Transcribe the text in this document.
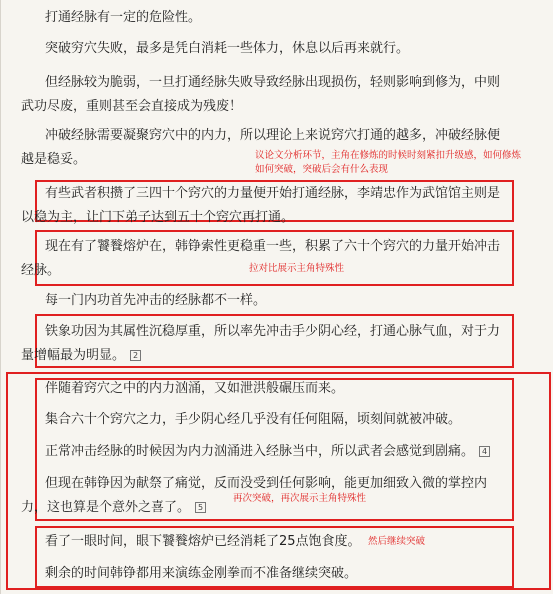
打通经脉有一定的危险性。

突破穷穴失败，最多是凭白消耗一些体力，休息以后再来就行。

但经脉较为脆弱，一旦打通经脉失败导致经脉出现损伤，轻则影响到修为，中则
武功尽废，重则甚至会直接成为残废！

冲破经脉需要凝聚窍穴中的内力，所以理论上来说窍穴打通的越多，冲破经脉便
越是稳妥。

有些武者积攒了三四十个窍穴的力量便开始打通经脉，李靖忠作为武馆馆主则是
以稳为主，让门下弟子达到五十个窍穴再打通。

现在有了饕餮熔炉在，韩铮索性更稳重一些，积累了六十个窍穴的力量开始冲击
经脉。

每一门内功首先冲击的经脉都不一样。

铁象功因为其属性沉稳厚重，所以率先冲击手少阴心经，打通心脉气血，对于力
量增幅最为明显。 2

伴随着窍穴之中的内力汹涌，又如泄洪般碾压而来。

集合六十个窍穴之力，手少阴心经几乎没有任何阻隔，顷刻间就被冲破。

正常冲击经脉的时候因为内力汹涌进入经脉当中，所以武者会感觉到剧痛。 4

但现在韩铮因为献祭了痛觉，反而没受到任何影响，能更加细致入微的掌控内
力，这也算是个意外之喜了。 5

看了一眼时间，眼下饕餮熔炉已经消耗了25点饱食度。

剩余的时间韩铮都用来演练金刚拳而不准备继续突破。

议论文分析环节，主角在修炼的时候时刻紧扣升级感，如何修炼
如何突破，突破后会有什么表现
拉对比展示主角特殊性
再次突破，再次展示主角特殊性
然后继续突破
